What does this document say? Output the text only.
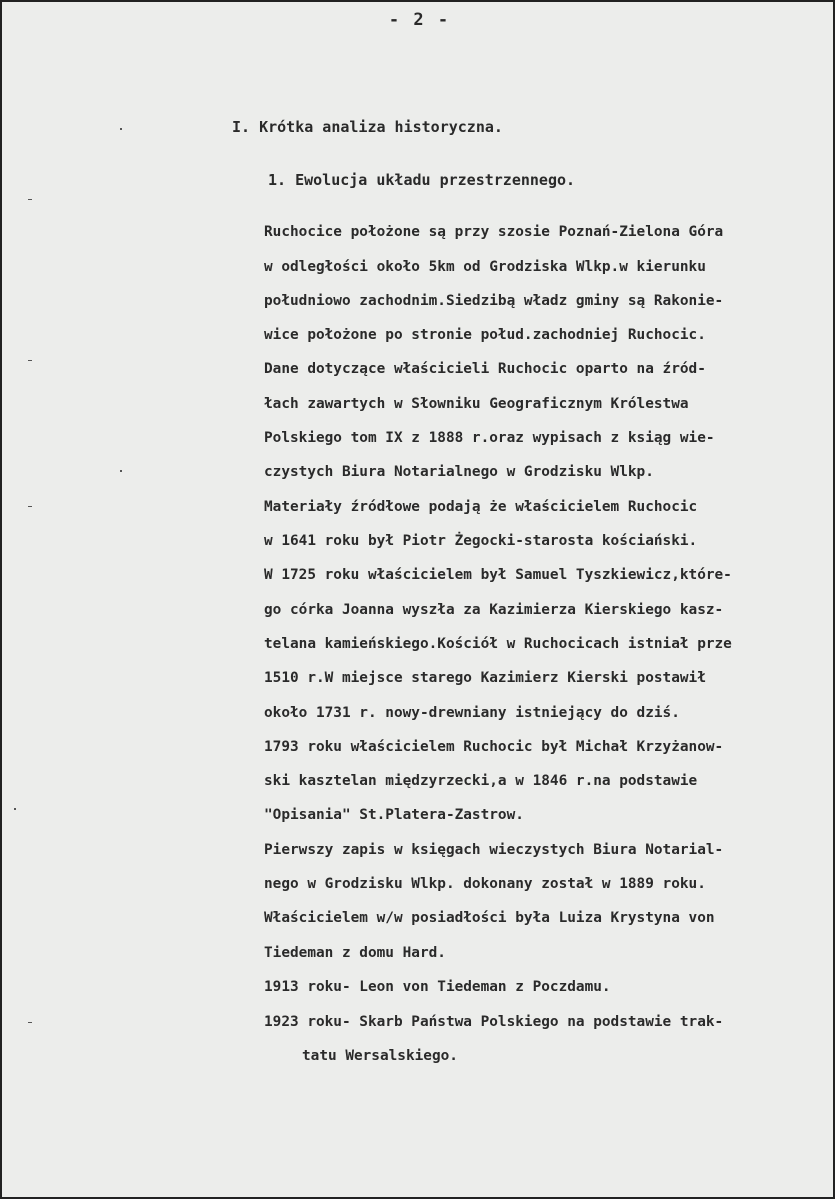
- 2 -
I. Krótka analiza historyczna.
1. Ewolucja układu przestrzennego.
Ruchocice położone są przy szosie Poznań-Zielona Góra
w odległości około 5km od Grodziska Wlkp.w kierunku
południowo zachodnim.Siedzibą władz gminy są Rakonie-
wice położone po stronie połud.zachodniej Ruchocic.
Dane dotyczące właścicieli Ruchocic oparto na źród-
łach zawartych w Słowniku Geograficznym Królestwa
Polskiego tom IX z 1888 r.oraz wypisach z ksiąg wie-
czystych Biura Notarialnego w Grodzisku Wlkp.
Materiały źródłowe podają że właścicielem Ruchocic
w 1641 roku był Piotr Żegocki-starosta kościański.
W 1725 roku właścicielem był Samuel Tyszkiewicz,które-
go córka Joanna wyszła za Kazimierza Kierskiego kasz-
telana kamieńskiego.Kościół w Ruchocicach istniał prze
1510 r.W miejsce starego Kazimierz Kierski postawił
około 1731 r. nowy-drewniany istniejący do dziś.
1793 roku właścicielem Ruchocic był Michał Krzyżanow-
ski kasztelan międzyrzecki,a w 1846 r.na podstawie
"Opisania" St.Platera-Zastrow.
Pierwszy zapis w księgach wieczystych Biura Notarial-
nego w Grodzisku Wlkp. dokonany został w 1889 roku.
Właścicielem w/w posiadłości była Luiza Krystyna von
Tiedeman z domu Hard.
1913 roku- Leon von Tiedeman z Poczdamu.
1923 roku- Skarb Państwa Polskiego na podstawie trak-
tatu Wersalskiego.
